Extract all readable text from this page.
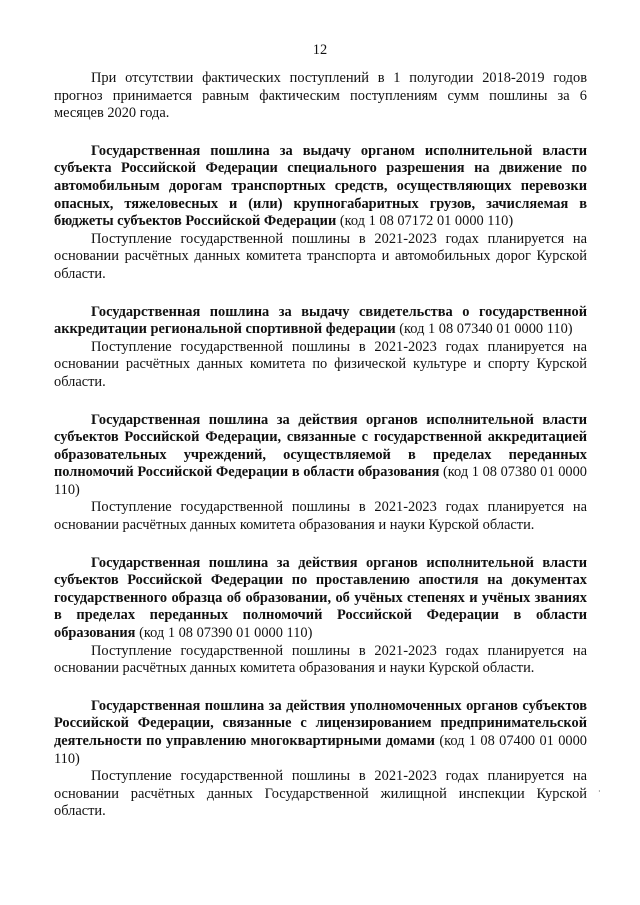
12

При отсутствии фактических поступлений в 1 полугодии 2018-2019 годов прогноз принимается равным фактическим поступлениям сумм пошлины за 6 месяцев 2020 года.

Государственная пошлина за выдачу органом исполнительной власти субъекта Российской Федерации специального разрешения на движение по автомобильным дорогам транспортных средств, осуществляющих перевозки опасных, тяжеловесных и (или) крупногабаритных грузов, зачисляемая в бюджеты субъектов Российской Федерации (код 1 08 07172 01 0000 110)

Поступление государственной пошлины в 2021-2023 годах планируется на основании расчётных данных комитета транспорта и автомобильных дорог Курской области.

Государственная пошлина за выдачу свидетельства о государственной аккредитации региональной спортивной федерации (код 1 08 07340 01 0000 110)

Поступление государственной пошлины в 2021-2023 годах планируется на основании расчётных данных комитета по физической культуре и спорту Курской области.

Государственная пошлина за действия органов исполнительной власти субъектов Российской Федерации, связанные с государственной аккредитацией образовательных учреждений, осуществляемой в пределах переданных полномочий Российской Федерации в области образования (код 1 08 07380 01 0000 110)

Поступление государственной пошлины в 2021-2023 годах планируется на основании расчётных данных комитета образования и науки Курской области.

Государственная пошлина за действия органов исполнительной власти субъектов Российской Федерации по проставлению апостиля на документах государственного образца об образовании, об учёных степенях и учёных званиях в пределах переданных полномочий Российской Федерации в области образования (код 1 08 07390 01 0000 110)

Поступление государственной пошлины в 2021-2023 годах планируется на основании расчётных данных комитета образования и науки Курской области.

Государственная пошлина за действия уполномоченных органов субъектов Российской Федерации, связанные с лицензированием предпринимательской деятельности по управлению многоквартирными домами (код 1 08 07400 01 0000 110)

Поступление государственной пошлины в 2021-2023 годах планируется на основании расчётных данных Государственной жилищной инспекции Курской области.

·
